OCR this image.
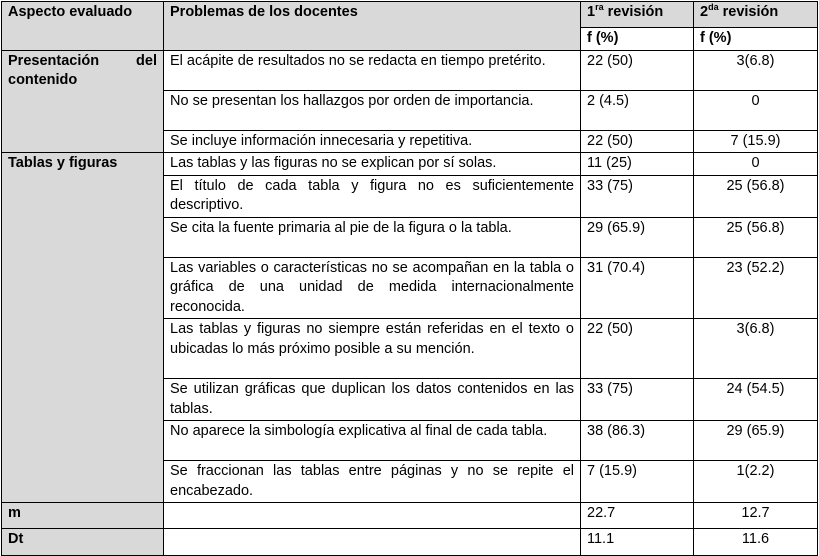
Aspecto evaluado	Problemas de los docentes	$1^{ra}$ revisión	$2^{da}$ revisión
		f (%)	f (%)
Presentación del contenido	El acápite de resultados no se redacta en tiempo pretérito.	22 (50)	3(6.8)
	No se presentan los hallazgos por orden de importancia.	2 (4.5)	0
	Se incluye información innecesaria y repetitiva.	22 (50)	7 (15.9)
Tablas y figuras	Las tablas y las figuras no se explican por sí solas.	11 (25)	0
	El título de cada tabla y figura no es suficientemente descriptivo.	33 (75)	25 (56.8)
	Se cita la fuente primaria al pie de la figura o la tabla.	29 (65.9)	25 (56.8)
	Las variables o características no se acompañan en la tabla o gráfica de una unidad de medida internacionalmente reconocida.	31 (70.4)	23 (52.2)
	Las tablas y figuras no siempre están referidas en el texto o ubicadas lo más próximo posible a su mención.	22 (50)	3(6.8)
	Se utilizan gráficas que duplican los datos contenidos en las tablas.	33 (75)	24 (54.5)
	No aparece la simbología explicativa al final de cada tabla.	38 (86.3)	29 (65.9)
	Se fraccionan las tablas entre páginas y no se repite el encabezado.	7 (15.9)	1(2.2)
m		22.7	12.7
Dt		11.1	11.6
